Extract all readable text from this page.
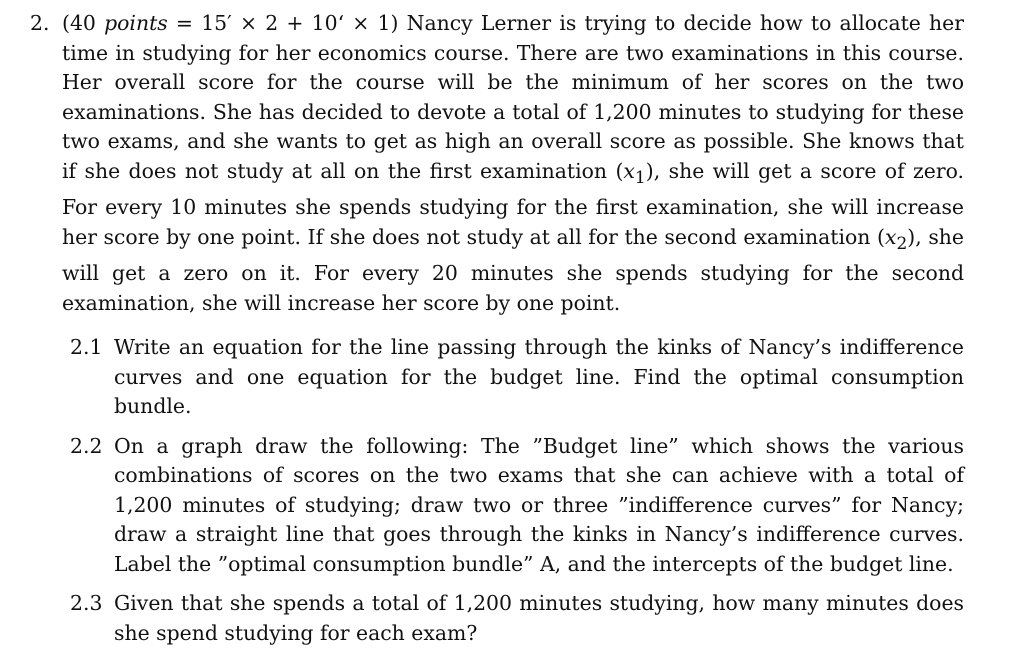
2. (40 points = 15′ × 2 + 10‘ × 1) Nancy Lerner is trying to decide how to allocate her time in studying for her economics course. There are two examinations in this course. Her overall score for the course will be the minimum of her scores on the two examinations. She has decided to devote a total of 1,200 minutes to studying for these two exams, and she wants to get as high an overall score as possible. She knows that if she does not study at all on the first examination $(x_1)$, she will get a score of zero. For every 10 minutes she spends studying for the first examination, she will increase her score by one point. If she does not study at all for the second examination $(x_2)$, she will get a zero on it. For every 20 minutes she spends studying for the second examination, she will increase her score by one point.
2.1 Write an equation for the line passing through the kinks of Nancy’s indifference curves and one equation for the budget line. Find the optimal consumption bundle.
2.2 On a graph draw the following: The ”Budget line” which shows the various combinations of scores on the two exams that she can achieve with a total of 1,200 minutes of studying; draw two or three ”indifference curves” for Nancy; draw a straight line that goes through the kinks in Nancy’s indifference curves. Label the ”optimal consumption bundle” A, and the intercepts of the budget line.
2.3 Given that she spends a total of 1,200 minutes studying, how many minutes does she spend studying for each exam?
